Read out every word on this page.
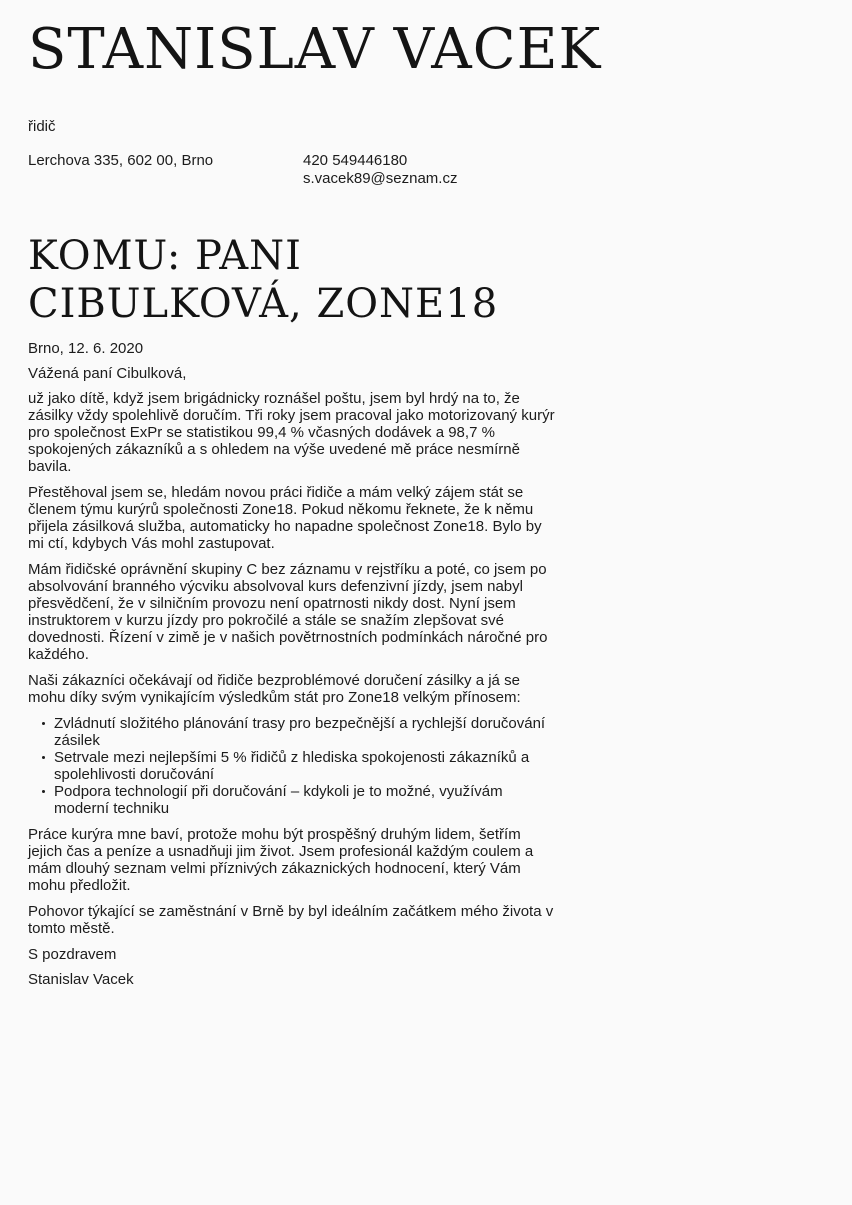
STANISLAV VACEK
řidič
Lerchova 335, 602 00, Brno	420 549446180
s.vacek89@seznam.cz
KOMU: PANI CIBULKOVÁ, ZONE18

Brno, 12. 6. 2020

Vážená paní Cibulková,

už jako dítě, když jsem brigádnicky roznášel poštu, jsem byl hrdý na to, že zásilky vždy spolehlivě doručím. Tři roky jsem pracoval jako motorizovaný kurýr pro společnost ExPr se statistikou 99,4 % včasných dodávek a 98,7 % spokojených zákazníků a s ohledem na výše uvedené mě práce nesmírně bavila.

Přestěhoval jsem se, hledám novou práci řidiče a mám velký zájem stát se členem týmu kurýrů společnosti Zone18. Pokud někomu řeknete, že k němu přijela zásilková služba, automaticky ho napadne společnost Zone18. Bylo by mi ctí, kdybych Vás mohl zastupovat.

Mám řidičské oprávnění skupiny C bez záznamu v rejstříku a poté, co jsem po absolvování branného výcviku absolvoval kurs defenzivní jízdy, jsem nabyl přesvědčení, že v silničním provozu není opatrnosti nikdy dost. Nyní jsem instruktorem v kurzu jízdy pro pokročilé a stále se snažím zlepšovat své dovednosti. Řízení v zimě je v našich povětrnostních podmínkách náročné pro každého.

Naši zákazníci očekávají od řidiče bezproblémové doručení zásilky a já se mohu díky svým vynikajícím výsledkům stát pro Zone18 velkým přínosem:

Zvládnutí složitého plánování trasy pro bezpečnější a rychlejší doručování zásilek
Setrvale mezi nejlepšími 5 % řidičů z hlediska spokojenosti zákazníků a spolehlivosti doručování
Podpora technologií při doručování – kdykoli je to možné, využívám moderní techniku

Práce kurýra mne baví, protože mohu být prospěšný druhým lidem, šetřím jejich čas a peníze a usnadňuji jim život. Jsem profesionál každým coulem a mám dlouhý seznam velmi příznivých zákaznických hodnocení, který Vám mohu předložit.

Pohovor týkající se zaměstnání v Brně by byl ideálním začátkem mého života v tomto městě.

S pozdravem

Stanislav Vacek
